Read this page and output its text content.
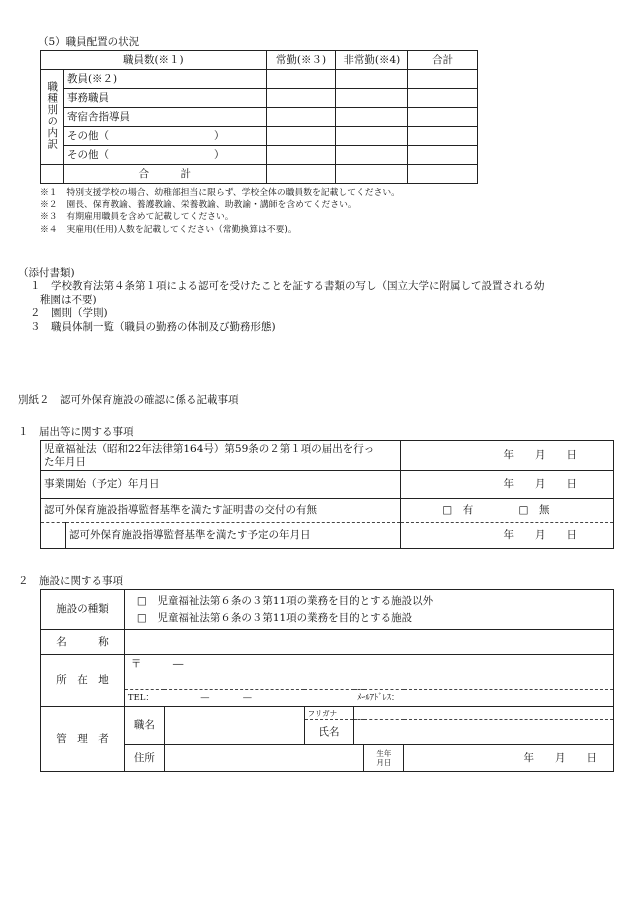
（5）職員配置の状況
職員数(※１)		常勤(※３)	非常勤(※4)	合計
職種別の内訳	教員(※２)			
	事務職員			
	寄宿舎指導員			
	その他（　　　　　　　　　　）			
	その他（　　　　　　　　　　）			
	合　　　計			
※１　特別支援学校の場合、幼稚部担当に限らず、学校全体の職員数を記載してください。
※２　園長、保育教諭、養護教諭、栄養教諭、助教諭・講師を含めてください。
※３　有期雇用職員を含めて記載してください。
※４　実雇用(任用)人数を記載してください（常勤換算は不要)。
（添付書類)
１　学校教育法第４条第１項による認可を受けたことを証する書類の写し（国立大学に附属して設置される幼
稚園は不要)
２　園則（学則)
３　職員体制一覧（職員の勤務の体制及び勤務形態)
別紙２　認可外保育施設の確認に係る記載事項
１　届出等に関する事項
児童福祉法（昭和22年法律第164号）第59条の２第１項の届出を行っ
た年月日		年　　月　　日
事業開始（予定）年月日		年　　月　　日
認可外保育施設指導監督基準を満たす証明書の交付の有無		□　有 □　無
	認可外保育施設指導監督基準を満たす予定の年月日	年　　月　　日
２　施設に関する事項
施設の種類	□　児童福祉法第６条の３第11項の業務を目的とする施設以外
□　児童福祉法第６条の３第11項の業務を目的とする施設					

名　　　称						
所　在　地	〒　　　―					
	TEL：　　　　　　―　　　　―			ﾒｰﾙｱﾄﾞﾚｽ：		
管　理　者	職名		フリガナ			
			氏名			
	住所				生年
月日	年　　月　　日
